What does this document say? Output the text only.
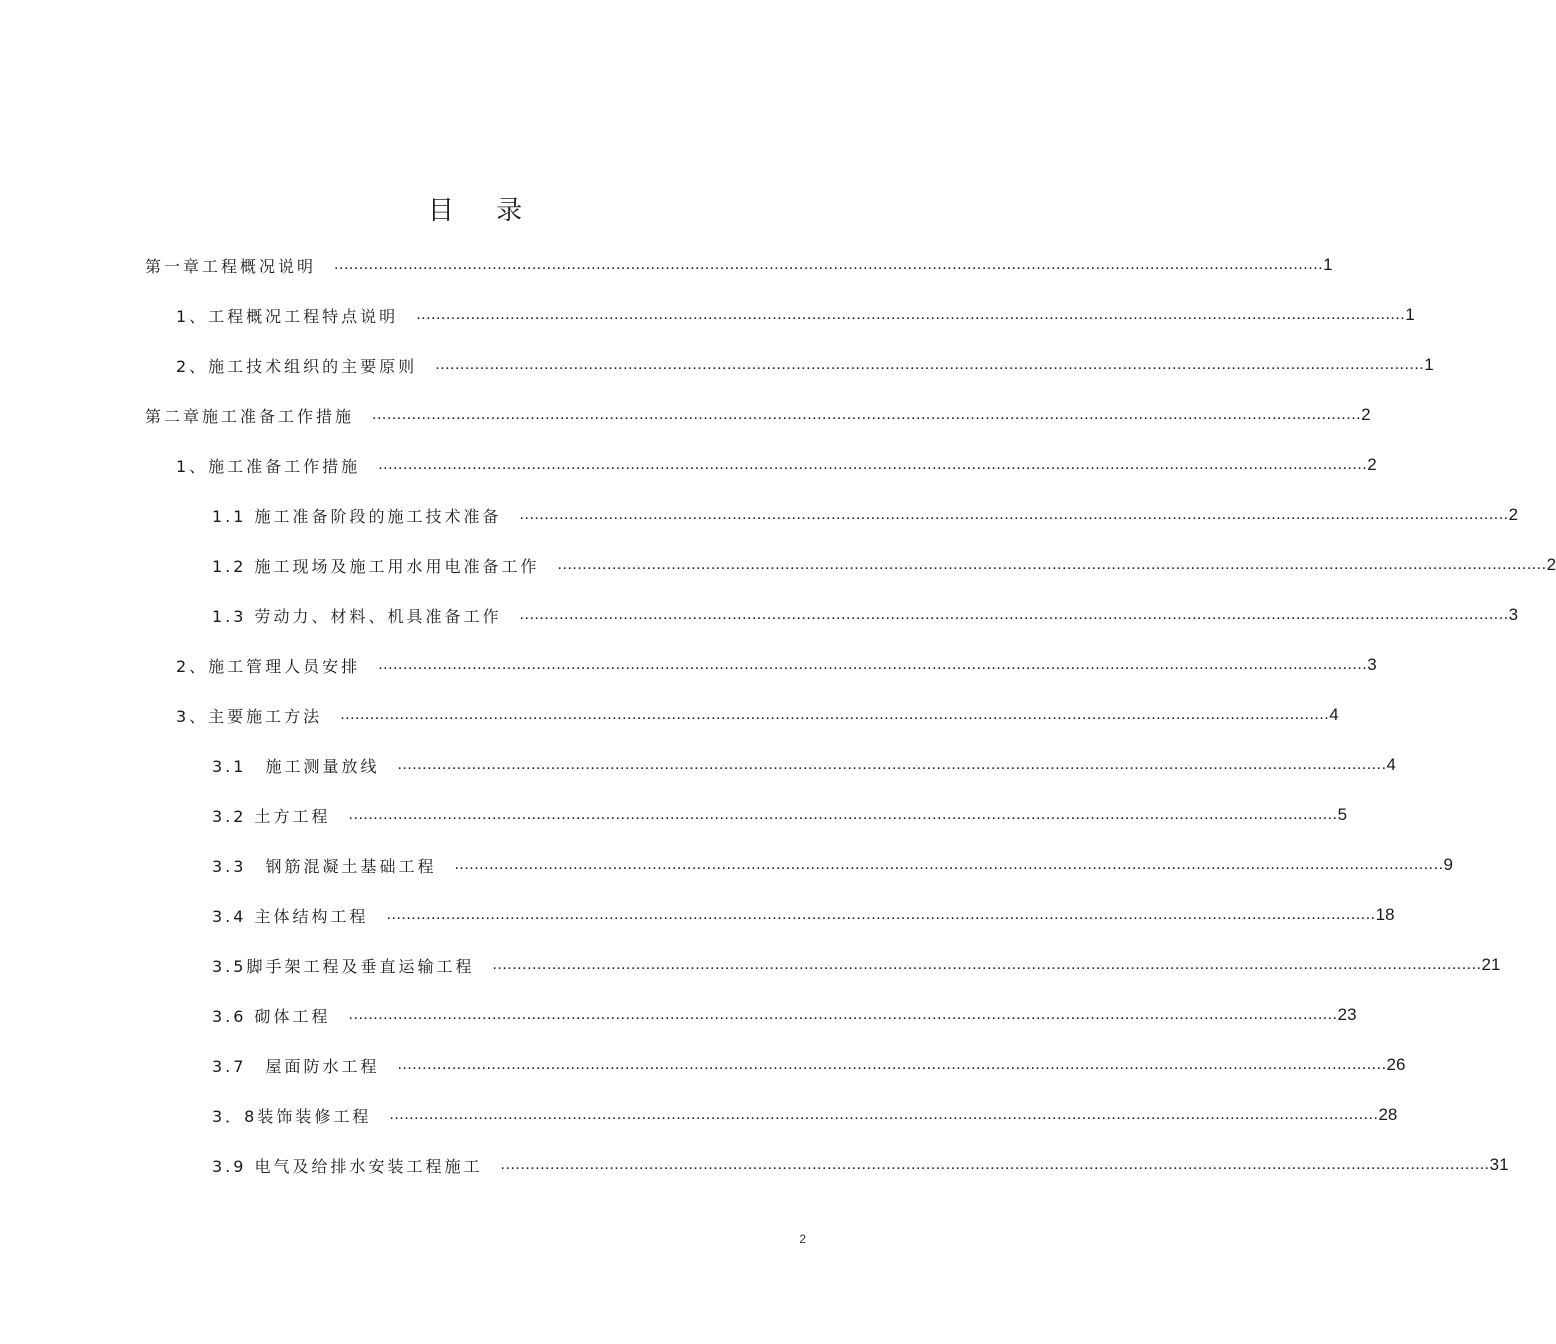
目 录
第一章工程概况说明 ........................................................................................................................................................................................................ 1
1、工程概况工程特点说明 ........................................................................................................................................................................................................ 1
2、施工技术组织的主要原则 ........................................................................................................................................................................................................ 1
第二章施工准备工作措施 ........................................................................................................................................................................................................ 2
1、施工准备工作措施 ........................................................................................................................................................................................................ 2
1.1 施工准备阶段的施工技术准备 ........................................................................................................................................................................................................ 2
1.2 施工现场及施工用水用电准备工作 ........................................................................................................................................................................................................ 2
1.3 劳动力、材料、机具准备工作 ........................................................................................................................................................................................................ 3
2、施工管理人员安排 ........................................................................................................................................................................................................ 3
3、主要施工方法 ........................................................................................................................................................................................................ 4
3.1　施工测量放线 ........................................................................................................................................................................................................ 4
3.2 土方工程 ........................................................................................................................................................................................................ 5
3.3　钢筋混凝土基础工程 ........................................................................................................................................................................................................ 9
3.4 主体结构工程 ........................................................................................................................................................................................................ 18
3.5脚手架工程及垂直运输工程 ........................................................................................................................................................................................................ 21
3.6 砌体工程 ........................................................................................................................................................................................................ 23
3.7　屋面防水工程 ........................................................................................................................................................................................................ 26
3．8装饰装修工程 ........................................................................................................................................................................................................ 28
3.9 电气及给排水安装工程施工 ........................................................................................................................................................................................................ 31
2
